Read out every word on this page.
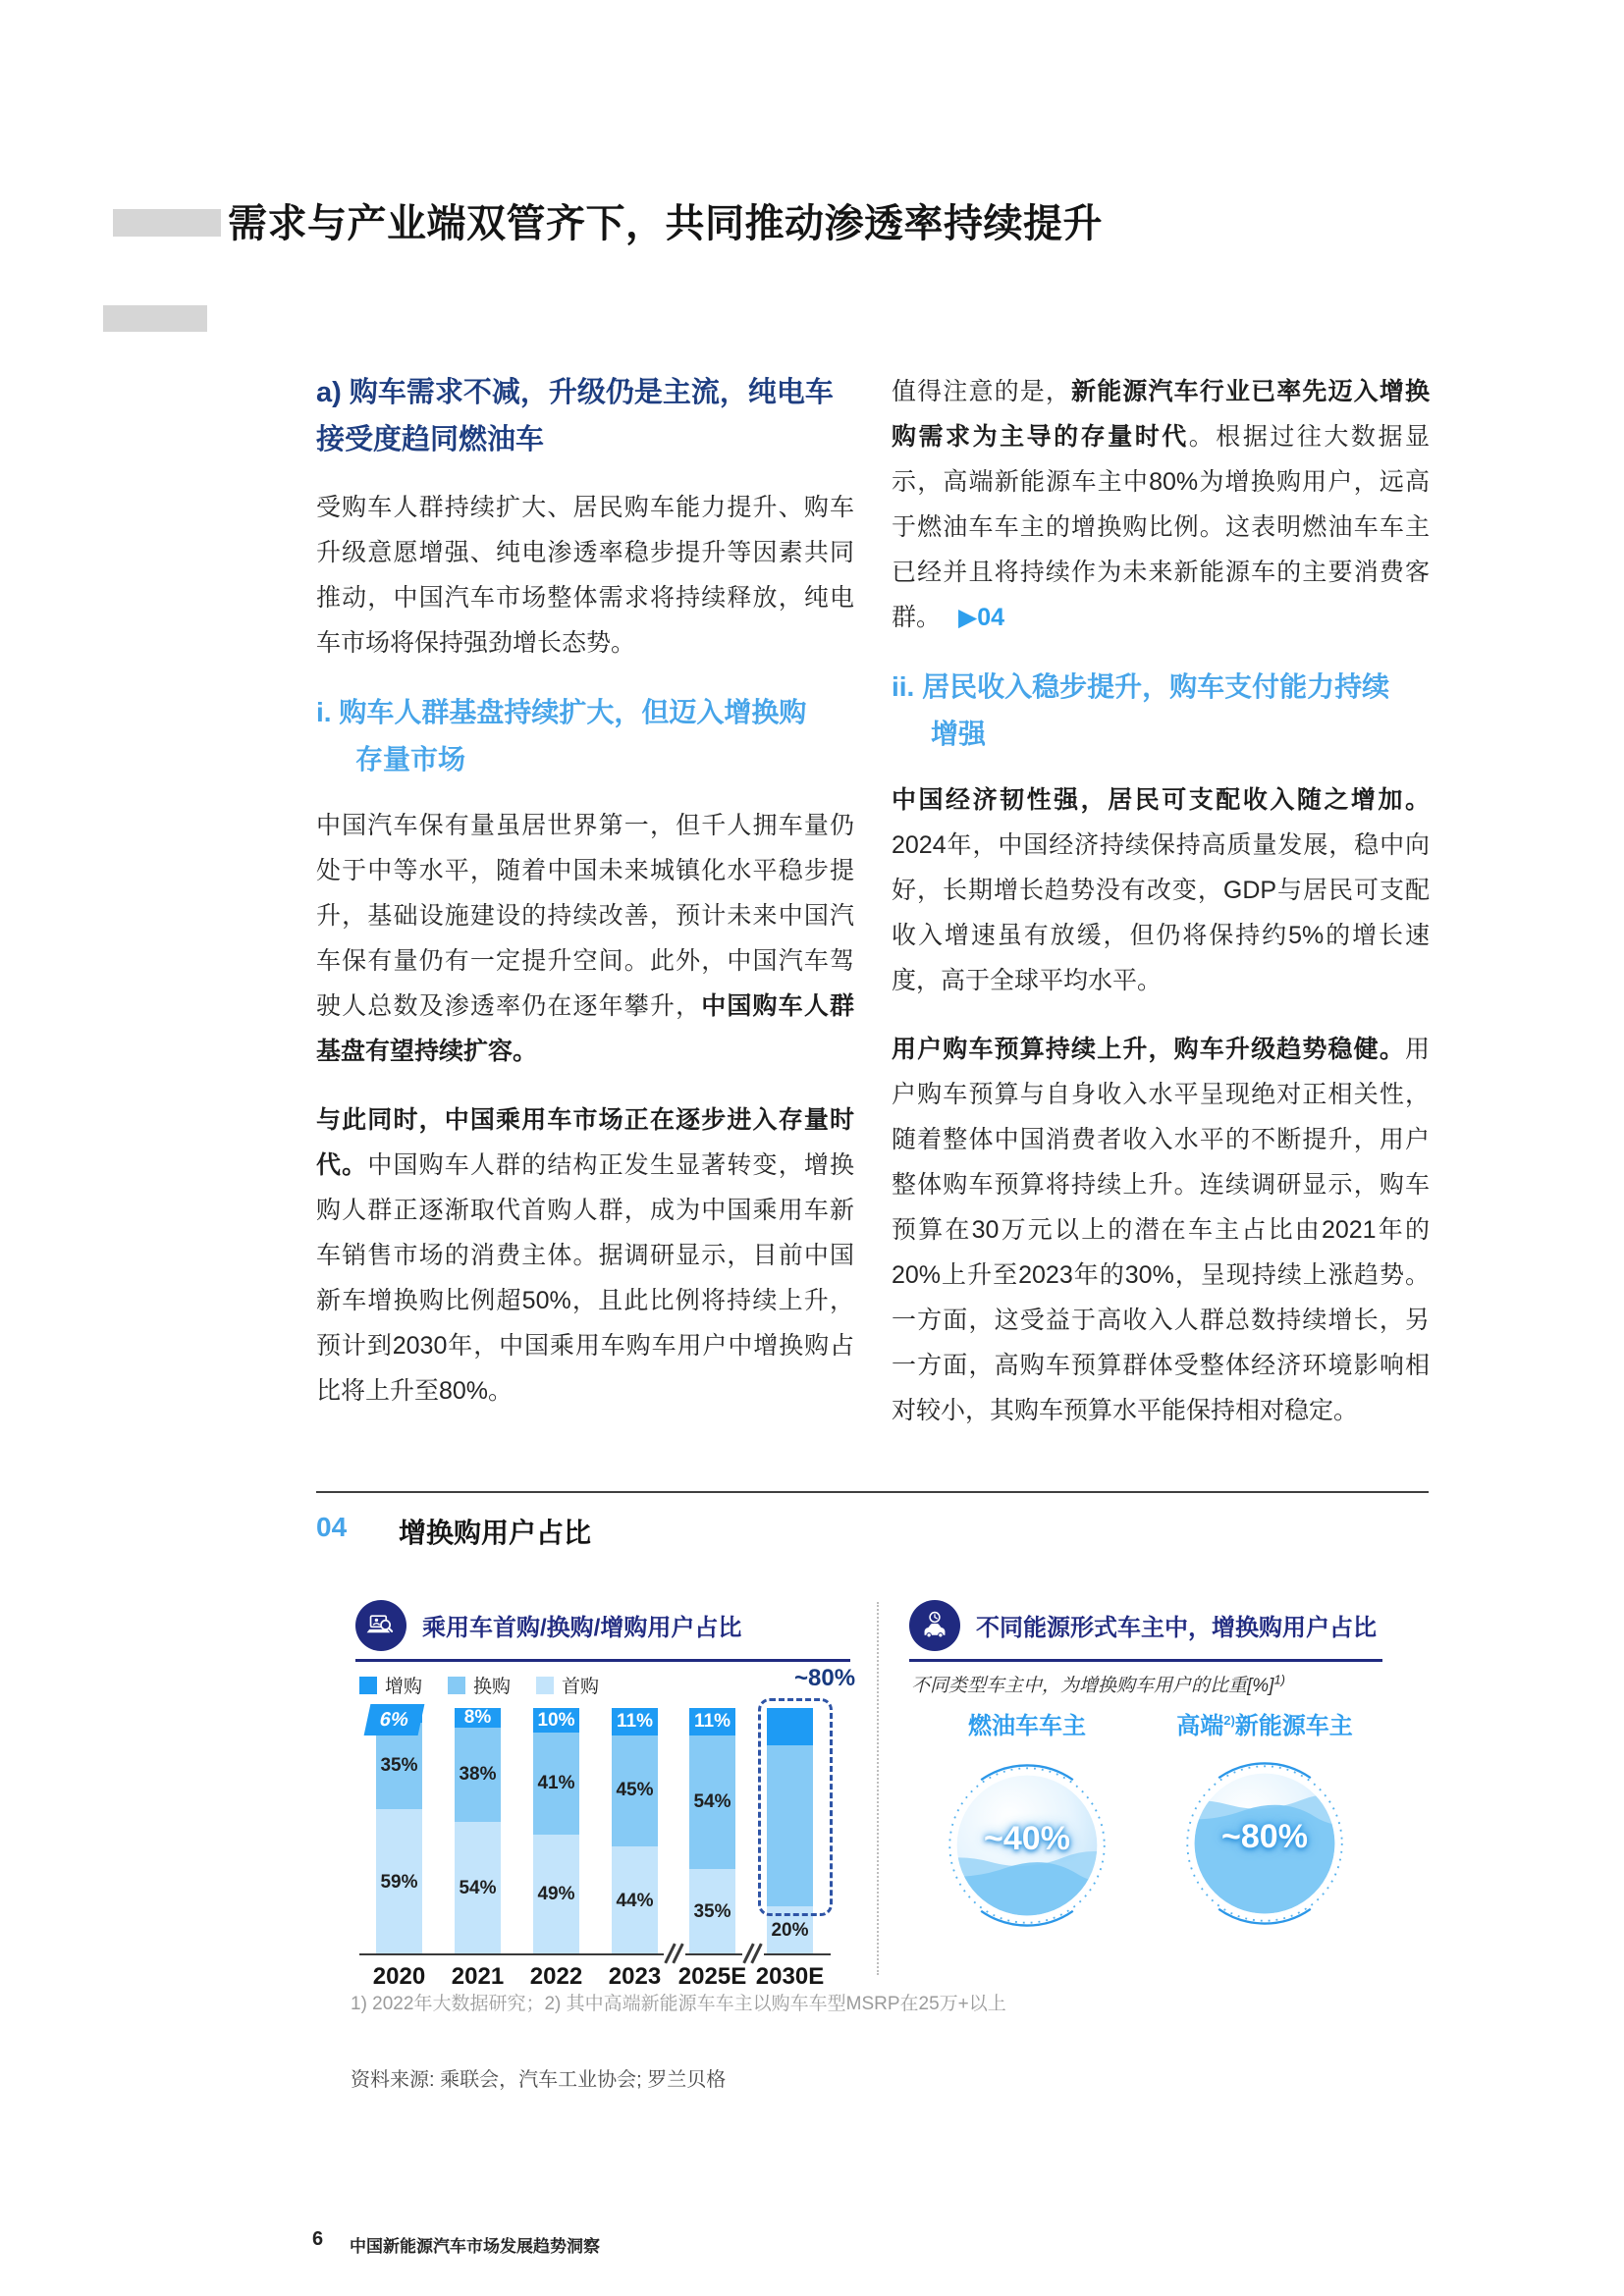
需求与产业端双管齐下，共同推动渗透率持续提升
a) 购车需求不减，升级仍是主流，纯电车接受度趋同燃油车

受购车人群持续扩大、居民购车能力提升、购车升级意愿增强、纯电渗透率稳步提升等因素共同推动，中国汽车市场整体需求将持续释放，纯电车市场将保持强劲增长态势。

i. 购车人群基盘持续扩大，但迈入增换购
存量市场

中国汽车保有量虽居世界第一，但千人拥车量仍处于中等水平，随着中国未来城镇化水平稳步提升，基础设施建设的持续改善，预计未来中国汽车保有量仍有一定提升空间。此外，中国汽车驾驶人总数及渗透率仍在逐年攀升，中国购车人群基盘有望持续扩容。

与此同时，中国乘用车市场正在逐步进入存量时代。中国购车人群的结构正发生显著转变，增换购人群正逐渐取代首购人群，成为中国乘用车新车销售市场的消费主体。据调研显示，目前中国新车增换购比例超50%，且此比例将持续上升，预计到2030年，中国乘用车购车用户中增换购占比将上升至80%。

值得注意的是，新能源汽车行业已率先迈入增换购需求为主导的存量时代。根据过往大数据显示，高端新能源车主中80%为增换购用户，远高于燃油车车主的增换购比例。这表明燃油车车主已经并且将持续作为未来新能源车的主要消费客群。 ▶04

ii. 居民收入稳步提升，购车支付能力持续
增强

中国经济韧性强，居民可支配收入随之增加。2024年，中国经济持续保持高质量发展，稳中向好，长期增长趋势没有改变，GDP与居民可支配收入增速虽有放缓，但仍将保持约5%的增长速度，高于全球平均水平。

用户购车预算持续上升，购车升级趋势稳健。用户购车预算与自身收入水平呈现绝对正相关性，随着整体中国消费者收入水平的不断提升，用户整体购车预算将持续上升。连续调研显示，购车预算在30万元以上的潜在车主占比由2021年的20%上升至2023年的30%，呈现持续上涨趋势。一方面，这受益于高收入人群总数持续增长，另一方面，高购车预算群体受整体经济环境影响相对较小，其购车预算水平能保持相对稳定。

04 增换购用户占比
乘用车首购/换购/增购用户占比
增购	换购	首购
6%
35%
59%
8%
38%
54%
10%
41%
49%
11%
45%
44%
11%
54%
35%
20%
2020	2021	2022	2023 2025E 2030E
~80%
不同能源形式车主中，增换购用户占比
不同类型车主中，为增换购车用户的比重[%]$^{1)}$
燃油车车主
~40%
高端$^{2)}$新能源车主
~80%
1) 2022年大数据研究；2) 其中高端新能源车车主以购车车型MSRP在25万+以上
资料来源: 乘联会，汽车工业协会; 罗兰贝格
6 中国新能源汽车市场发展趋势洞察
